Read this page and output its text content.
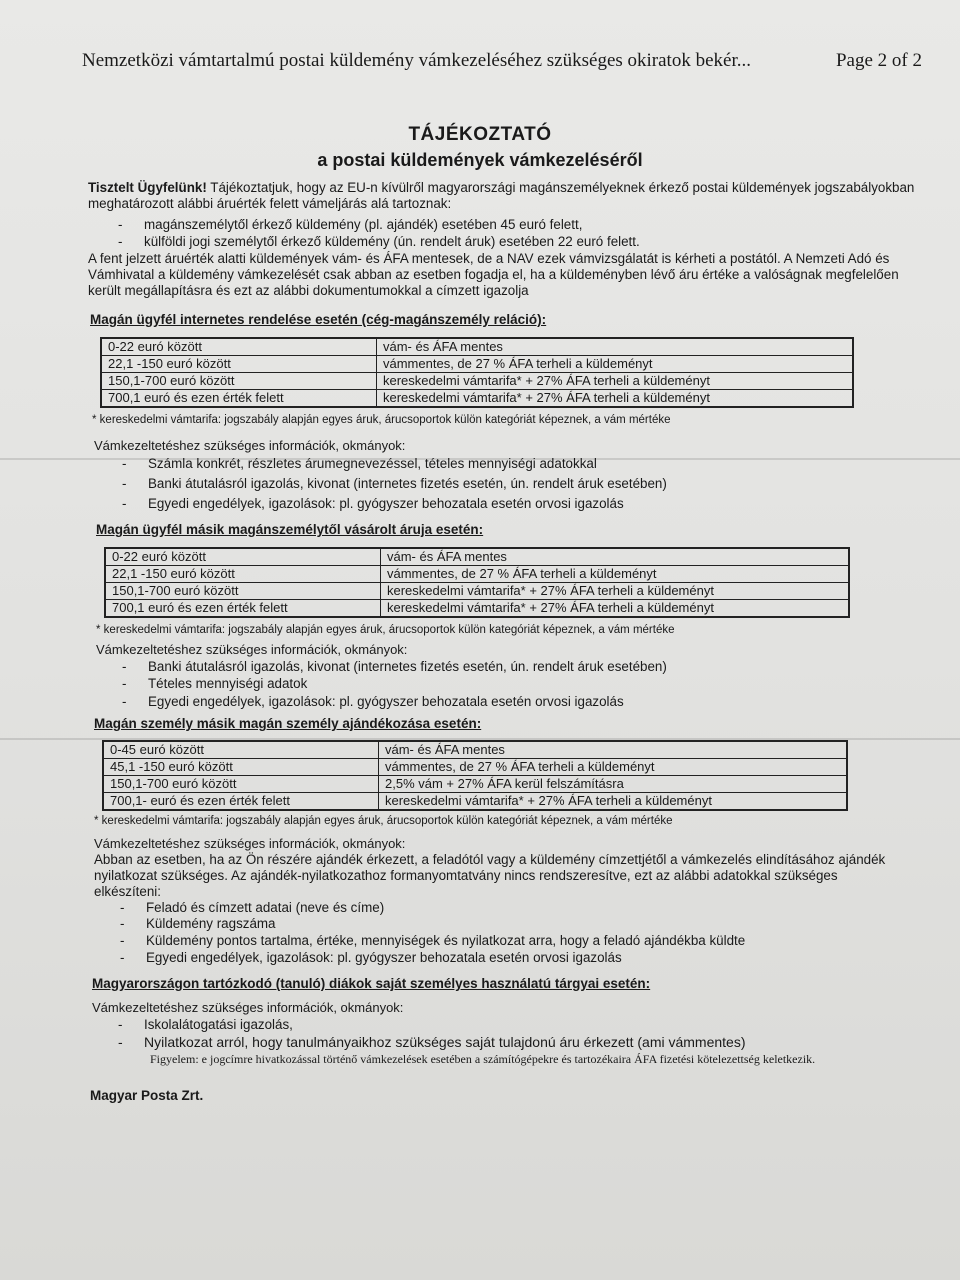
Nemzetközi vámtartalmú postai küldemény vámkezeléséhez szükséges okiratok bekér...	Page 2 of 2
TÁJÉKOZTATÓ
a postai küldemények vámkezeléséről
Tisztelt Ügyfelünk! Tájékoztatjuk, hogy az EU-n kívülről magyarországi magánszemélyeknek érkező postai küldemények jogszabályokban meghatározott alábbi áruérték felett vámeljárás alá tartoznak:
- magánszemélytől érkező küldemény (pl. ajándék) esetében 45 euró felett,
- külföldi jogi személytől érkező küldemény (ún. rendelt áruk) esetében 22 euró felett.
A fent jelzett áruérték alatti küldemények vám- és ÁFA mentesek, de a NAV ezek vámvizsgálatát is kérheti a postától. A Nemzeti Adó és Vámhivatal a küldemény vámkezelését csak abban az esetben fogadja el, ha a küldeményben lévő áru értéke a valóságnak megfelelően került megállapításra és ezt az alábbi dokumentumokkal a címzett igazolja
Magán ügyfél internetes rendelése esetén (cég-magánszemély reláció):
0-22 euró között	vám- és ÁFA mentes
22,1 -150 euró között	vámmentes, de 27 % ÁFA terheli a küldeményt
150,1-700 euró között	kereskedelmi vámtarifa* + 27% ÁFA terheli a küldeményt
700,1 euró és ezen érték felett	kereskedelmi vámtarifa* + 27% ÁFA terheli a küldeményt
* kereskedelmi vámtarifa: jogszabály alapján egyes áruk, árucsoportok külön kategóriát képeznek, a vám mértéke
Vámkezeltetéshez szükséges információk, okmányok:
- Számla konkrét, részletes árumegnevezéssel, tételes mennyiségi adatokkal
- Banki átutalásról igazolás, kivonat (internetes fizetés esetén, ún. rendelt áruk esetében)
- Egyedi engedélyek, igazolások: pl. gyógyszer behozatala esetén orvosi igazolás
Magán ügyfél másik magánszemélytől vásárolt áruja esetén:
0-22 euró között	vám- és ÁFA mentes
22,1 -150 euró között	vámmentes, de 27 % ÁFA terheli a küldeményt
150,1-700 euró között	kereskedelmi vámtarifa* + 27% ÁFA terheli a küldeményt
700,1 euró és ezen érték felett	kereskedelmi vámtarifa* + 27% ÁFA terheli a küldeményt
* kereskedelmi vámtarifa: jogszabály alapján egyes áruk, árucsoportok külön kategóriát képeznek, a vám mértéke
Vámkezeltetéshez szükséges információk, okmányok:
- Banki átutalásról igazolás, kivonat (internetes fizetés esetén, ún. rendelt áruk esetében)
- Tételes mennyiségi adatok
- Egyedi engedélyek, igazolások: pl. gyógyszer behozatala esetén orvosi igazolás
Magán személy másik magán személy ajándékozása esetén:
0-45 euró között	vám- és ÁFA mentes
45,1 -150 euró között	vámmentes, de 27 % ÁFA terheli a küldeményt
150,1-700 euró között	2,5% vám + 27% ÁFA kerül felszámításra
700,1- euró és ezen érték felett	kereskedelmi vámtarifa* + 27% ÁFA terheli a küldeményt
* kereskedelmi vámtarifa: jogszabály alapján egyes áruk, árucsoportok külön kategóriát képeznek, a vám mértéke
Vámkezeltetéshez szükséges információk, okmányok:
Abban az esetben, ha az Ön részére ajándék érkezett, a feladótól vagy a küldemény címzettjétől a vámkezelés elindításához ajándék nyilatkozat szükséges. Az ajándék-nyilatkozathoz formanyomtatvány nincs rendszeresítve, ezt az alábbi adatokkal szükséges elkészíteni:
- Feladó és címzett adatai (neve és címe)
- Küldemény ragszáma
- Küldemény pontos tartalma, értéke, mennyiségek és nyilatkozat arra, hogy a feladó ajándékba küldte
- Egyedi engedélyek, igazolások: pl. gyógyszer behozatala esetén orvosi igazolás
Magyarországon tartózkodó (tanuló) diákok saját személyes használatú tárgyai esetén:
Vámkezeltetéshez szükséges információk, okmányok:
- Iskolalátogatási igazolás,
- Nyilatkozat arról, hogy tanulmányaikhoz szükséges saját tulajdonú áru érkezett (ami vámmentes)
Figyelem: e jogcímre hivatkozással történő vámkezelések esetében a számítógépekre és tartozékaira ÁFA fizetési kötelezettség keletkezik.
Magyar Posta Zrt.
